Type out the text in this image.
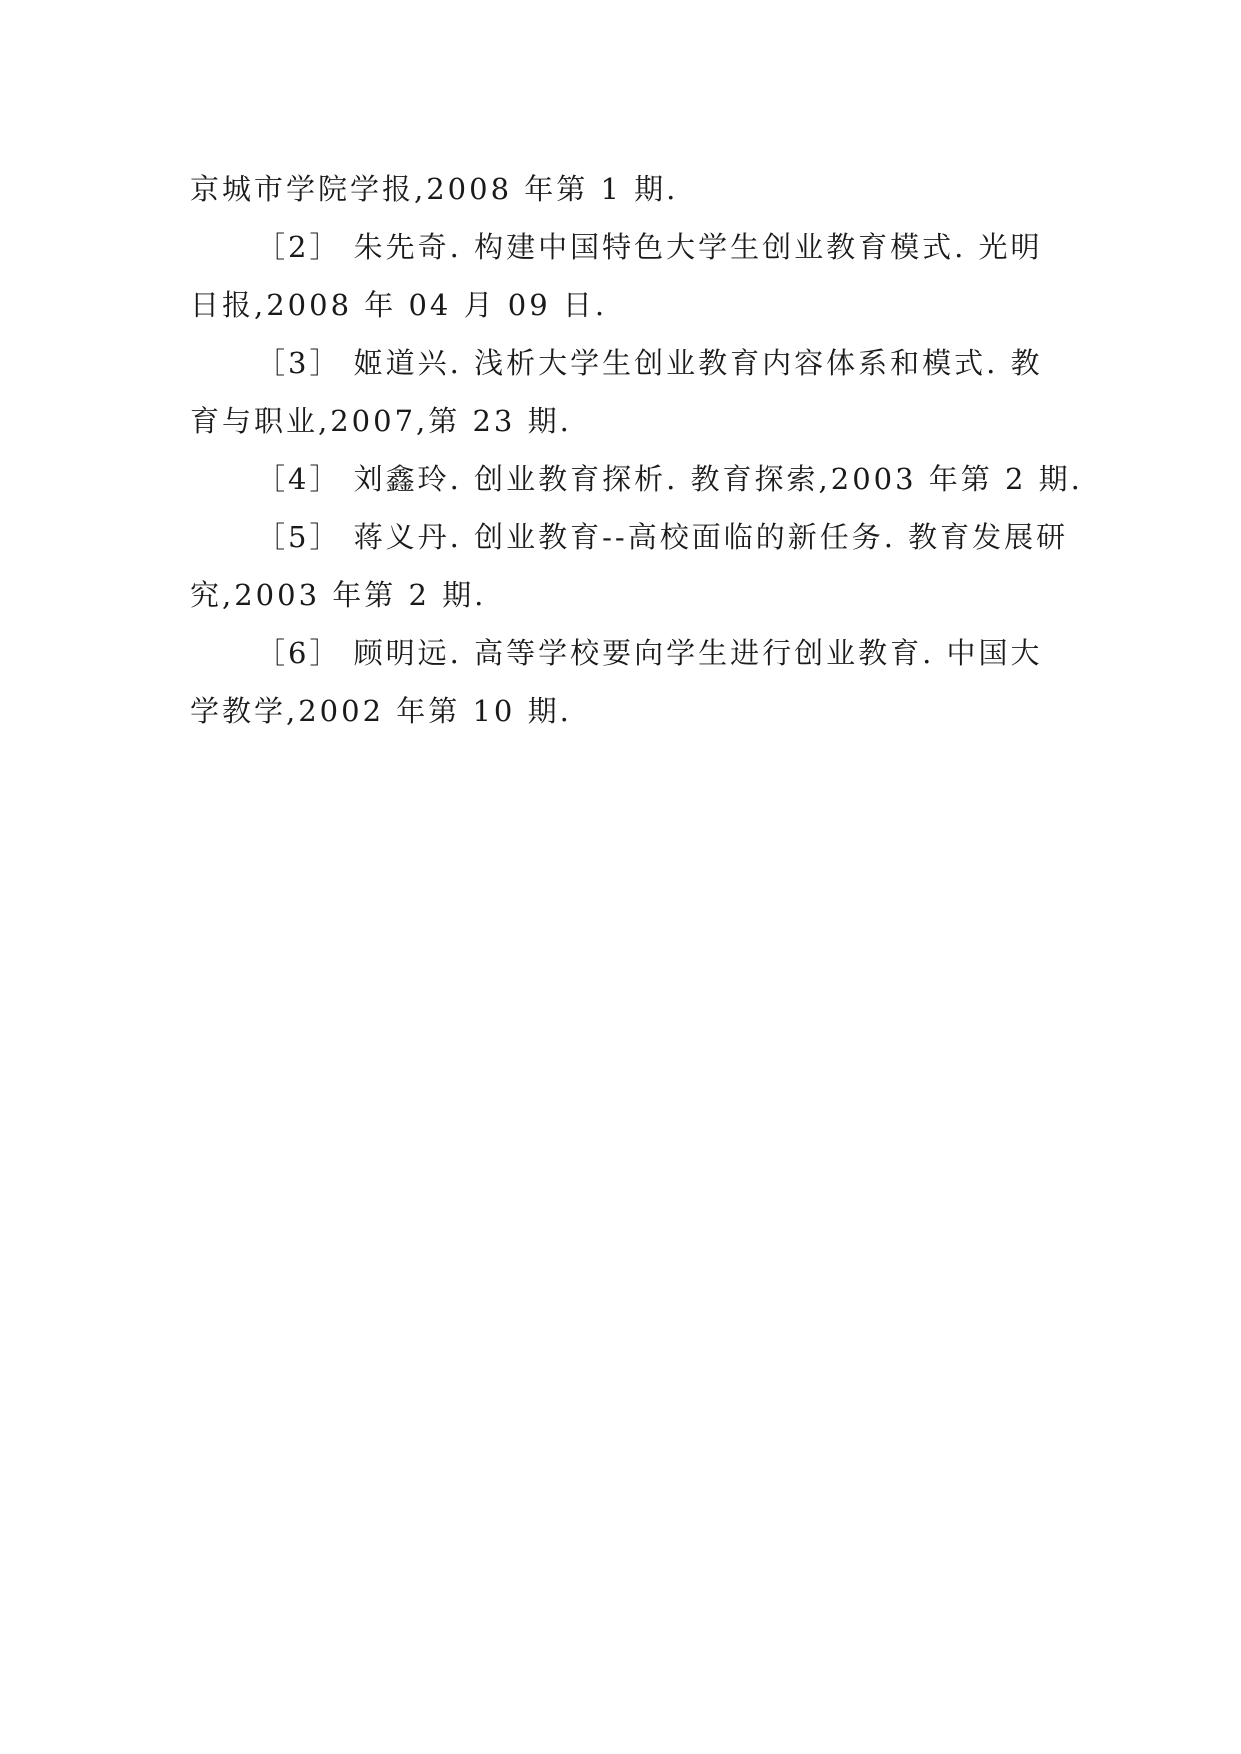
京城市学院学报,2008 年第 1 期.

［2］ 朱先奇. 构建中国特色大学生创业教育模式. 光明

日报,2008 年 04 月 09 日.

［3］ 姬道兴. 浅析大学生创业教育内容体系和模式. 教

育与职业,2007,第 23 期.

［4］ 刘鑫玲. 创业教育探析. 教育探索,2003 年第 2 期.

［5］ 蒋义丹. 创业教育--高校面临的新任务. 教育发展研

究,2003 年第 2 期.

［6］ 顾明远. 高等学校要向学生进行创业教育. 中国大

学教学,2002 年第 10 期.
